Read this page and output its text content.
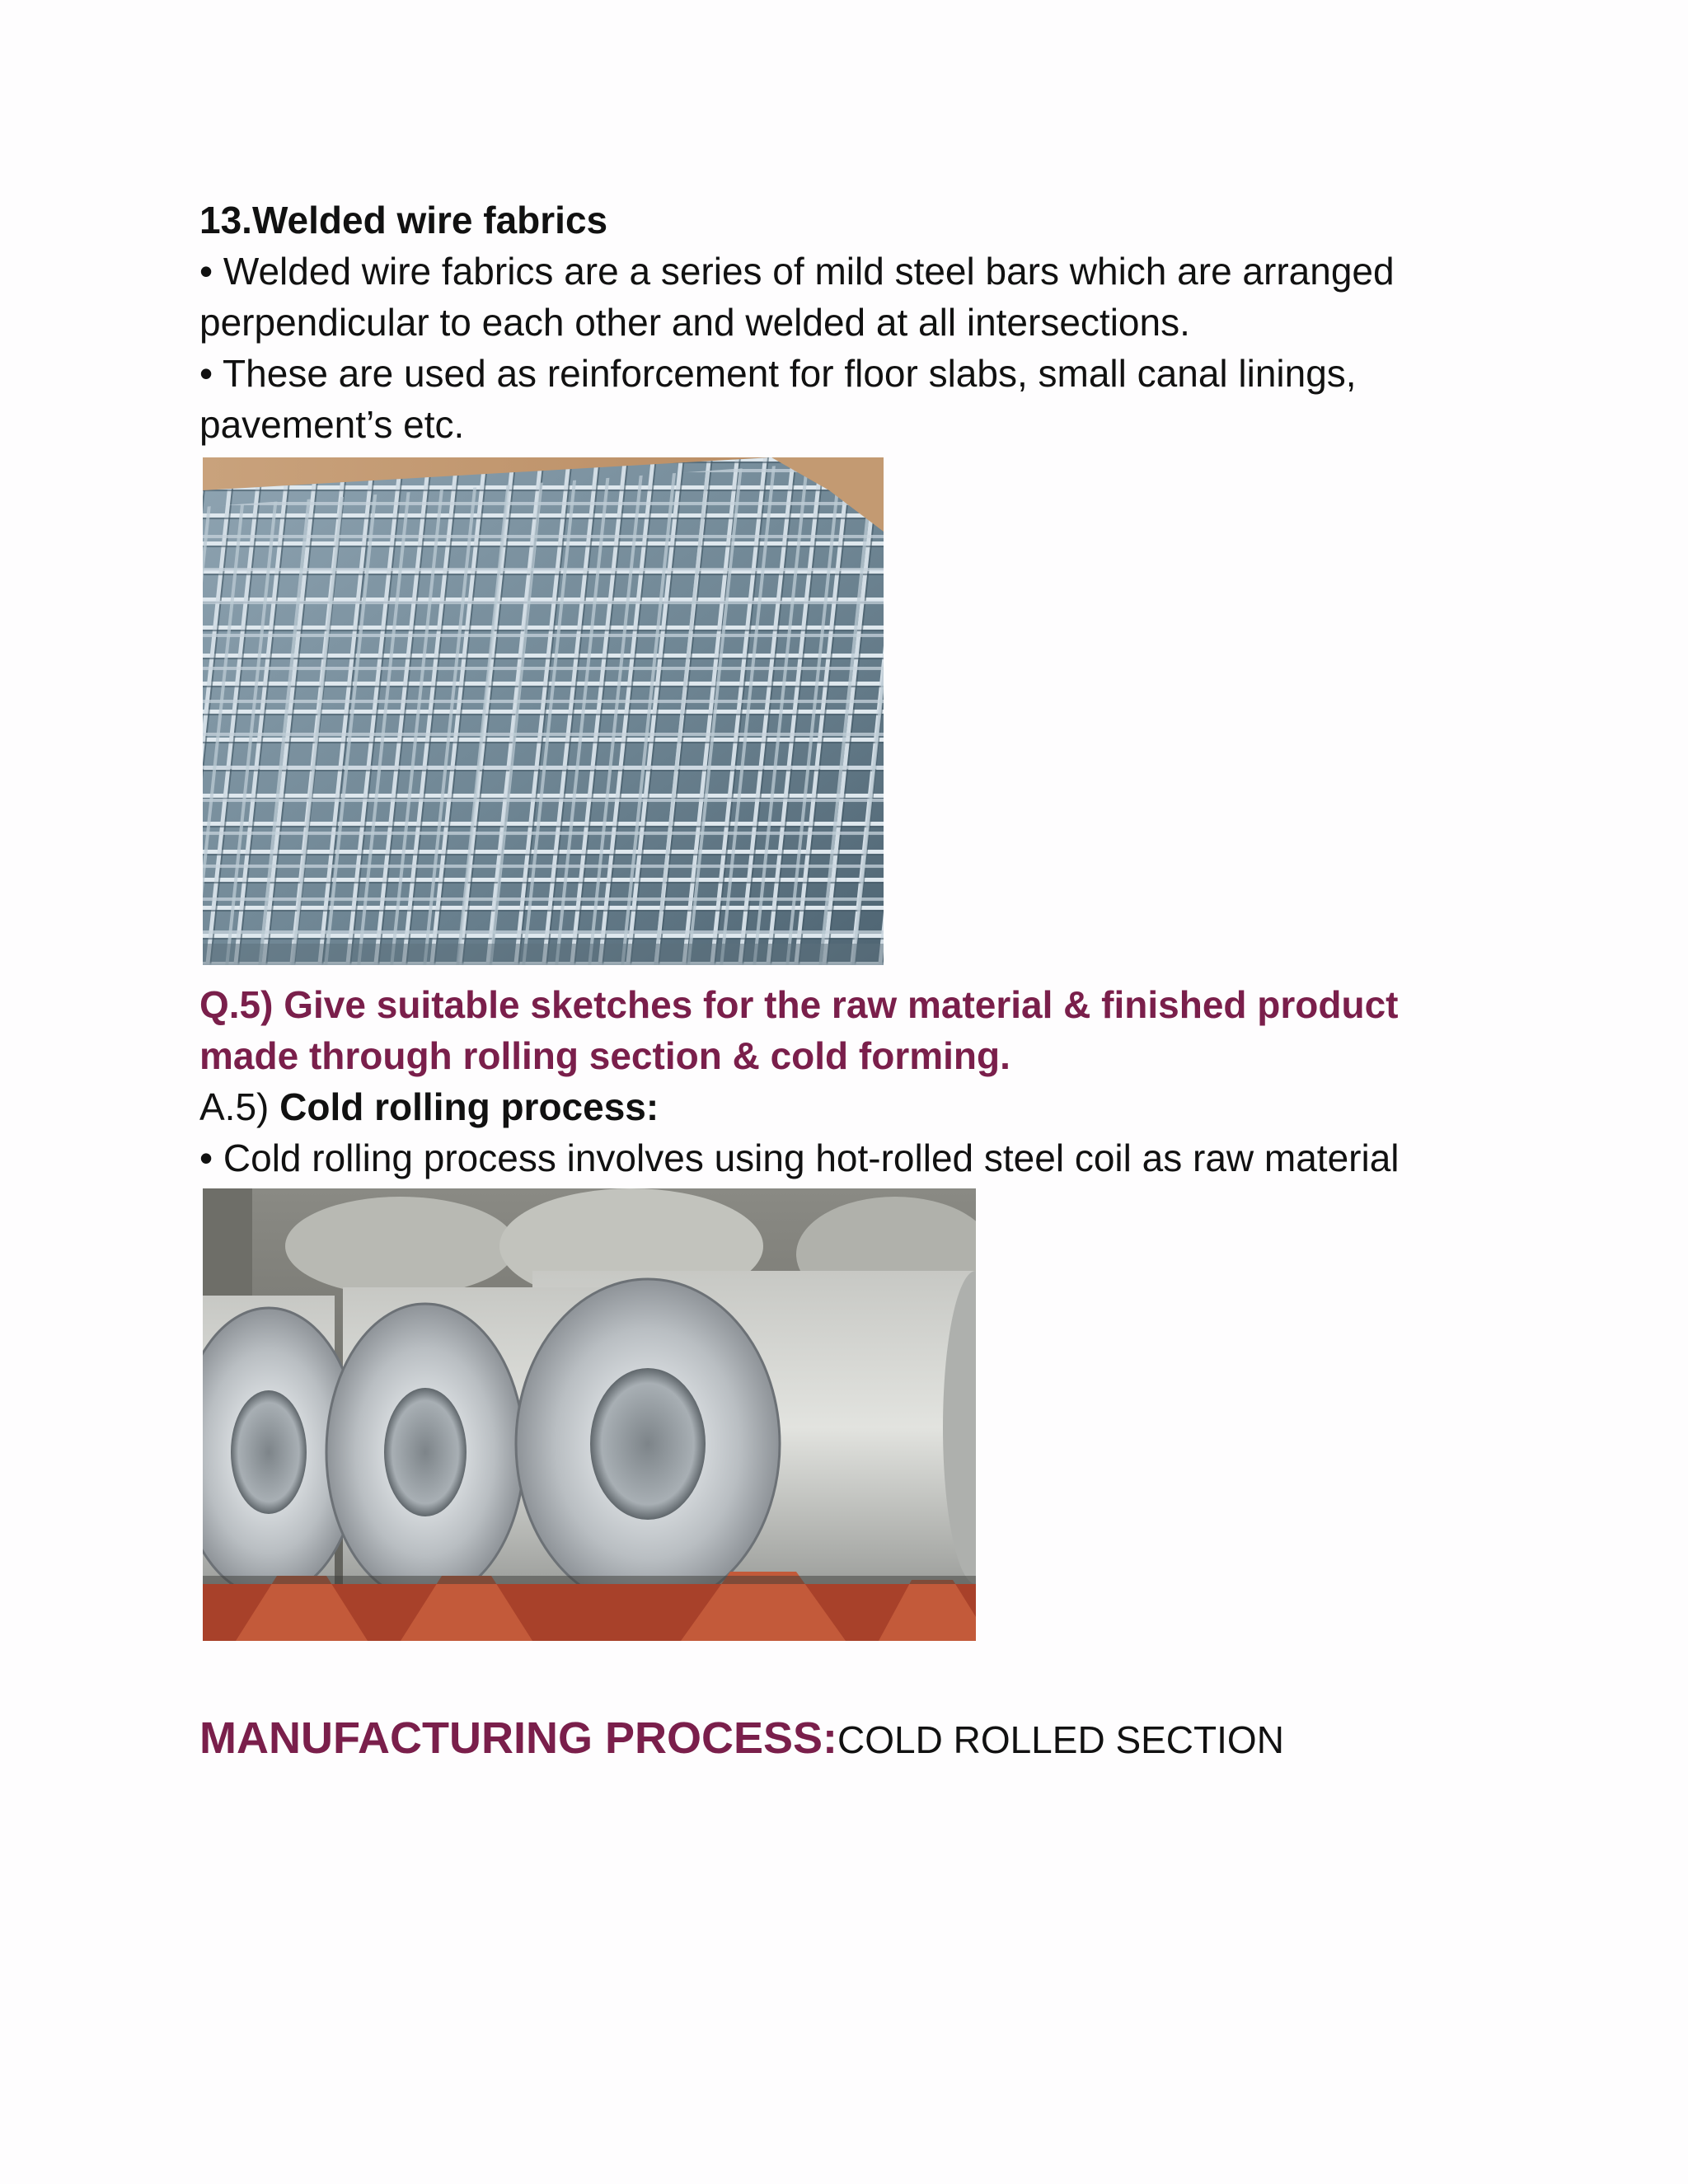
13.Welded wire fabrics
• Welded wire fabrics are a series of mild steel bars which are arranged
perpendicular to each other and welded at all intersections.
• These are used as reinforcement for floor slabs, small canal linings,
pavement’s etc.
Q.5) Give suitable sketches for the raw material & finished product
made through rolling section & cold forming.
A.5) Cold rolling process:
• Cold rolling process involves using hot-rolled steel coil as raw material
MANUFACTURING PROCESS:COLD ROLLED SECTION
